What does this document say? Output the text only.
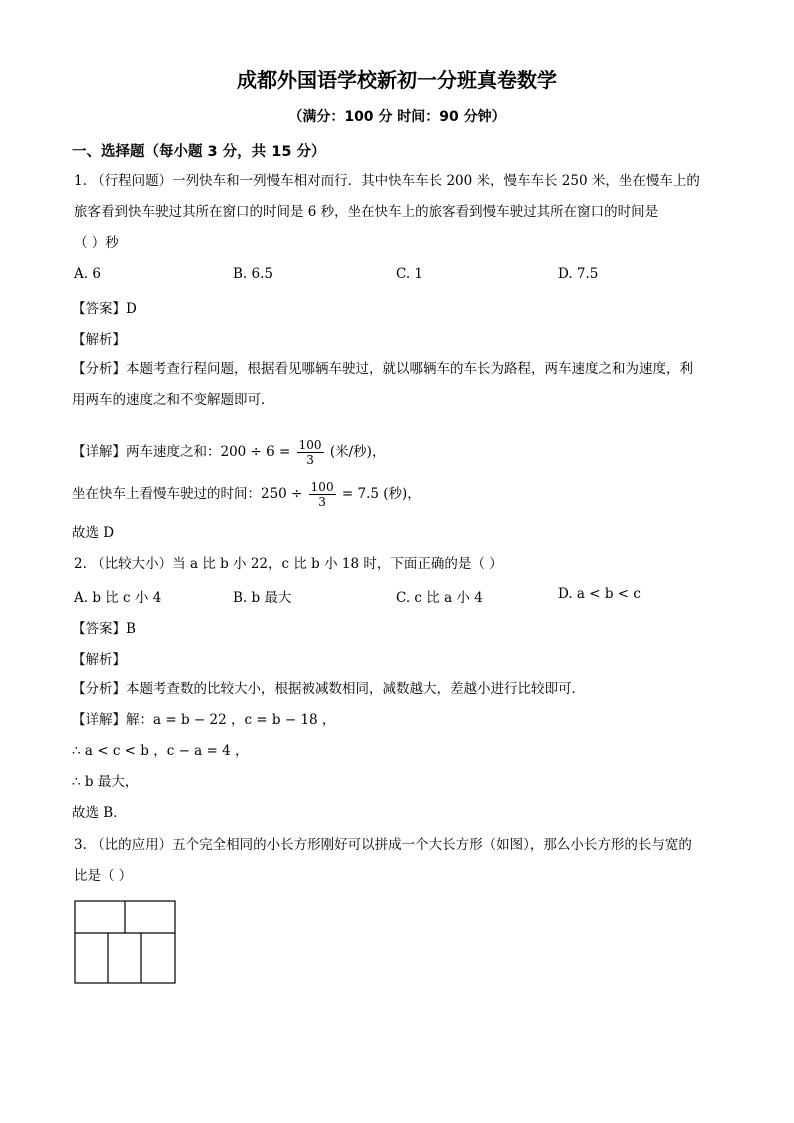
成都外国语学校新初一分班真卷数学
（满分：100 分 时间：90 分钟）
一、选择题（每小题 3 分，共 15 分）
1. （行程问题）一列快车和一列慢车相对而行．其中快车车长 200 米，慢车车长 250 米，坐在慢车上的
旅客看到快车驶过其所在窗口的时间是 6 秒，坐在快车上的旅客看到慢车驶过其所在窗口的时间是
（ ）秒
A. 6	B. 6.5	C. 1	D. 7.5
【答案】D
【解析】
【分析】本题考查行程问题，根据看见哪辆车驶过，就以哪辆车的车长为路程，两车速度之和为速度，利
用两车的速度之和不变解题即可．
【详解】两车速度之和：$200 \div 6 = \frac{100}{3}$ (米/秒)，
坐在快车上看慢车驶过的时间：$250 \div \frac{100}{3} = 7.5$ (秒)，
故选 D
2. （比较大小）当 a 比 b 小 22，c 比 b 小 18 时，下面正确的是（ ）
A. b 比 c 小 4	B. b 最大	C. c 比 a 小 4	D. a < b < c
【答案】B
【解析】
【分析】本题考查数的比较大小，根据被减数相同，减数越大，差越小进行比较即可．
【详解】解：a = b − 22 ，c = b − 18 ，
∴ a < c < b ，c − a = 4 ，
∴ b 最大，
故选 B．
3. （比的应用）五个完全相同的小长方形刚好可以拼成一个大长方形（如图），那么小长方形的长与宽的
比是（ ）
